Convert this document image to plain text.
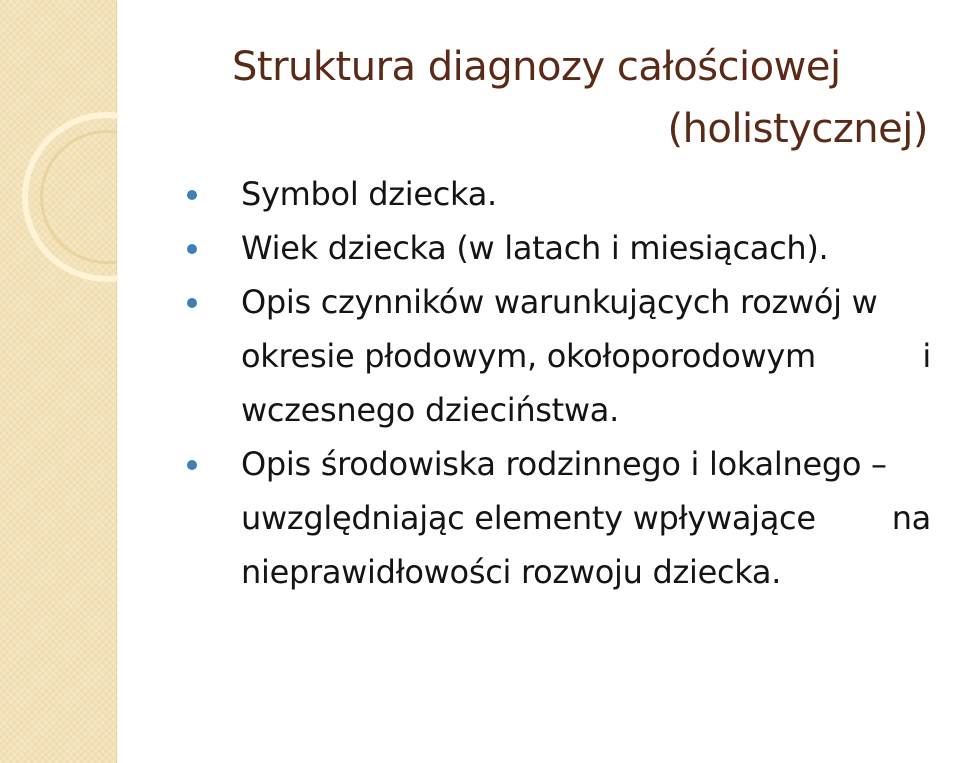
Struktura diagnozy całościowej
(holistycznej)
Symbol dziecka.
Wiek dziecka (w latach i miesiącach).
Opis czynników warunkujących rozwój w
okresie płodowym, okołoporodowym	i
wczesnego dzieciństwa.
Opis środowiska rodzinnego i lokalnego –
uwzględniając elementy wpływające na
nieprawidłowości rozwoju dziecka.
